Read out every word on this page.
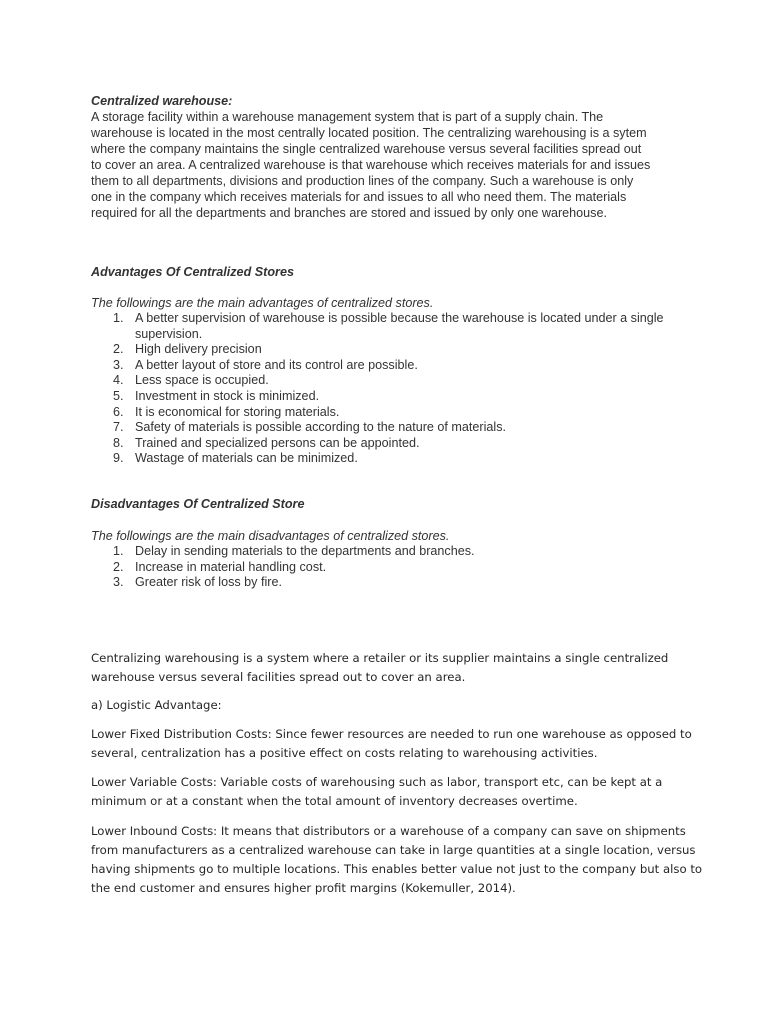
Centralized warehouse:

A storage facility within a warehouse management system that is part of a supply chain. The

warehouse is located in the most centrally located position. The centralizing warehousing is a sytem

where the company maintains the single centralized warehouse versus several facilities spread out

to cover an area. A centralized warehouse is that warehouse which receives materials for and issues

them to all departments, divisions and production lines of the company. Such a warehouse is only

one in the company which receives materials for and issues to all who need them. The materials

required for all the departments and branches are stored and issued by only one warehouse.

Advantages Of Centralized Stores

The followings are the main advantages of centralized stores.

1. A better supervision of warehouse is possible because the warehouse is located under a single
supervision.
2. High delivery precision
3. A better layout of store and its control are possible.
4. Less space is occupied.
5. Investment in stock is minimized.
6. It is economical for storing materials.
7. Safety of materials is possible according to the nature of materials.
8. Trained and specialized persons can be appointed.
9. Wastage of materials can be minimized.

Disadvantages Of Centralized Store

The followings are the main disadvantages of centralized stores.

1. Delay in sending materials to the departments and branches.
2. Increase in material handling cost.
3. Greater risk of loss by fire.

Centralizing warehousing is a system where a retailer or its supplier maintains a single centralized

warehouse versus several facilities spread out to cover an area.

a) Logistic Advantage:

Lower Fixed Distribution Costs: Since fewer resources are needed to run one warehouse as opposed to

several, centralization has a positive effect on costs relating to warehousing activities.

Lower Variable Costs: Variable costs of warehousing such as labor, transport etc, can be kept at a

minimum or at a constant when the total amount of inventory decreases overtime.

Lower Inbound Costs: It means that distributors or a warehouse of a company can save on shipments

from manufacturers as a centralized warehouse can take in large quantities at a single location, versus

having shipments go to multiple locations. This enables better value not just to the company but also to

the end customer and ensures higher profit margins (Kokemuller, 2014).
